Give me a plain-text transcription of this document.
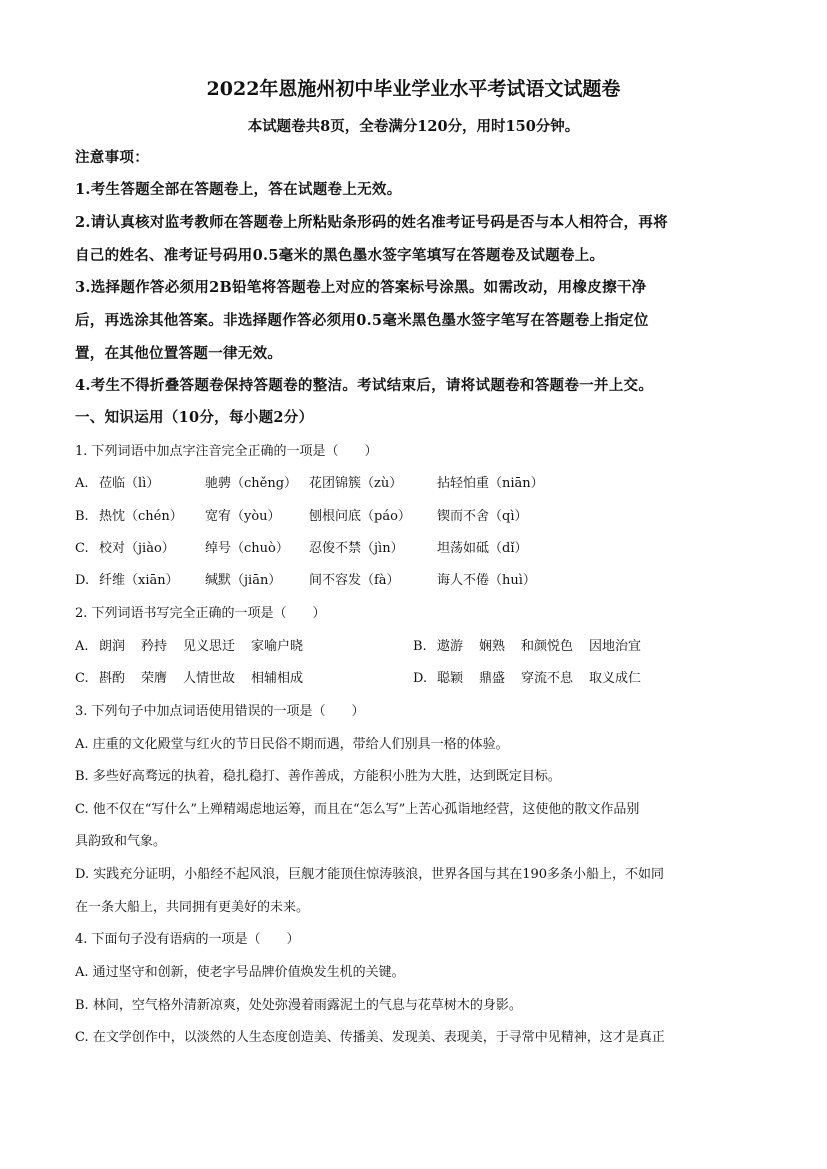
2022年恩施州初中毕业学业水平考试语文试题卷
本试题卷共8页，全卷满分120分，用时150分钟。
注意事项：
1.考生答题全部在答题卷上，答在试题卷上无效。
2.请认真核对监考教师在答题卷上所粘贴条形码的姓名准考证号码是否与本人相符合，再将
自己的姓名、准考证号码用0.5毫米的黑色墨水签字笔填写在答题卷及试题卷上。
3.选择题作答必须用2B铅笔将答题卷上对应的答案标号涂黑。如需改动，用橡皮擦干净
后，再选涂其他答案。非选择题作答必须用0.5毫米黑色墨水签字笔写在答题卷上指定位
置，在其他位置答题一律无效。
4.考生不得折叠答题卷保持答题卷的整洁。考试结束后，请将试题卷和答题卷一并上交。
一、知识运用（10分，每小题2分）
1. 下列词语中加点字注音完全正确的一项是（　　）
A. 莅临（lì）	驰骋（chěng） 花团锦簇（zù）	拈轻怕重（niān）
B. 热忱（chén） 宽宥（yòu） 刨根问底（páo） 锲而不舍（qì）
C. 校对（jiào） 绰号（chuò） 忍俊不禁（jìn）	坦荡如砥（dǐ）
D. 纤维（xiān） 缄默（jiān） 间不容发（fà）	诲人不倦（huì）
2. 下列词语书写完全正确的一项是（　　）
A. 朗润 矜持 见义思迁 家喻户晓	B. 遨游 娴熟 和颜悦色 因地治宜
C. 斟酌 荣膺 人情世故 相辅相成	D. 聪颖 鼎盛 穿流不息 取义成仁
3. 下列句子中加点词语使用错误的一项是（　　）
A. 庄重的文化殿堂与红火的节日民俗不期而遇，带给人们别具一格的体验。
B. 多些好高骛远的执着，稳扎稳打、善作善成，方能积小胜为大胜，达到既定目标。
C. 他不仅在“写什么”上殚精竭虑地运筹，而且在“怎么写”上苦心孤诣地经营，这使他的散文作品别
具韵致和气象。
D. 实践充分证明，小船经不起风浪，巨舰才能顶住惊涛骇浪，世界各国与其在190多条小船上，不如同
在一条大船上，共同拥有更美好的未来。
4. 下面句子没有语病的一项是（　　）
A. 通过坚守和创新，使老字号品牌价值焕发生机的关键。
B. 林间，空气格外清新凉爽，处处弥漫着雨露泥土的气息与花草树木的身影。
C. 在文学创作中，以淡然的人生态度创造美、传播美、发现美、表现美，于寻常中见精神，这才是真正
